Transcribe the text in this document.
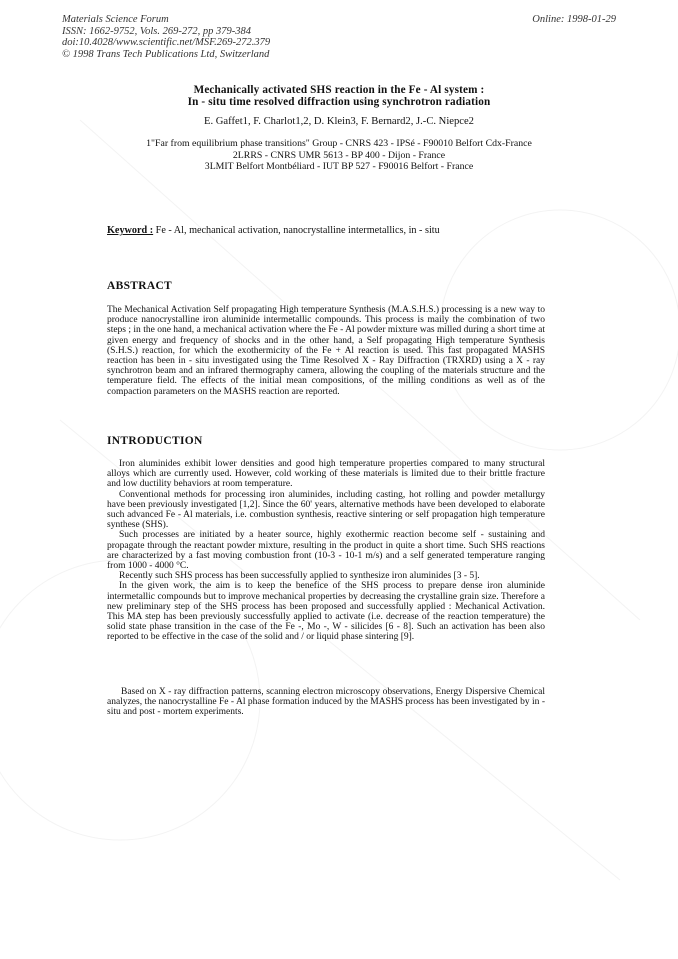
Materials Science Forum
ISSN: 1662-9752, Vols. 269-272, pp 379-384
doi:10.4028/www.scientific.net/MSF.269-272.379
© 1998 Trans Tech Publications Ltd, Switzerland
Online: 1998-01-29
Mechanically activated SHS reaction in the Fe - Al system :
In - situ time resolved diffraction using synchrotron radiation
E. Gaffet1, F. Charlot1,2, D. Klein3, F. Bernard2, J.-C. Niepce2
1"Far from equilibrium phase transitions" Group - CNRS 423 - IPSé - F90010 Belfort Cdx-France
2LRRS - CNRS UMR 5613 - BP 400 - Dijon - France
3LMIT Belfort Montbéliard - IUT BP 527 - F90016 Belfort - France
Keyword : Fe - Al, mechanical activation, nanocrystalline intermetallics, in - situ
ABSTRACT

The Mechanical Activation Self propagating High temperature Synthesis (M.A.S.H.S.) processing is a new way to produce nanocrystalline iron aluminide intermetallic compounds. This process is maily the combination of two steps ; in the one hand, a mechanical activation where the Fe - Al powder mixture was milled during a short time at given energy and frequency of shocks and in the other hand, a Self propagating High temperature Synthesis (S.H.S.) reaction, for which the exothermicity of the Fe + Al reaction is used. This fast propagated MASHS reaction has been in - situ investigated using the Time Resolved X - Ray Diffraction (TRXRD) using a X - ray synchrotron beam and an infrared thermography camera, allowing the coupling of the materials structure and the temperature field. The effects of the initial mean compositions, of the milling conditions as well as of the compaction parameters on the MASHS reaction are reported.

INTRODUCTION

Iron aluminides exhibit lower densities and good high temperature properties compared to many structural alloys which are currently used. However, cold working of these materials is limited due to their brittle fracture and low ductility behaviors at room temperature.

Conventional methods for processing iron aluminides, including casting, hot rolling and powder metallurgy have been previously investigated [1,2]. Since the 60' years, alternative methods have been developed to elaborate such advanced Fe - Al materials, i.e. combustion synthesis, reactive sintering or self propagation high temperature synthese (SHS).

Such processes are initiated by a heater source, highly exothermic reaction become self - sustaining and propagate through the reactant powder mixture, resulting in the product in quite a short time. Such SHS reactions are characterized by a fast moving combustion front (10-3 - 10-1 m/s) and a self generated temperature ranging from 1000 - 4000 °C.

Recently such SHS process has been successfully applied to synthesize iron aluminides [3 - 5].

In the given work, the aim is to keep the benefice of the SHS process to prepare dense iron aluminide intermetallic compounds but to improve mechanical properties by decreasing the crystalline grain size. Therefore a new preliminary step of the SHS process has been proposed and successfully applied : Mechanical Activation. This MA step has been previously successfully applied to activate (i.e. decrease of the reaction temperature) the solid state phase transition in the case of the Fe -, Mo -, W - silicides [6 - 8]. Such an activation has been also reported to be effective in the case of the solid and / or liquid phase sintering [9].

Based on X - ray diffraction patterns, scanning electron microscopy observations, Energy Dispersive Chemical analyzes, the nanocrystalline Fe - Al phase formation induced by the MASHS process has been investigated by in - situ and post - mortem experiments.
